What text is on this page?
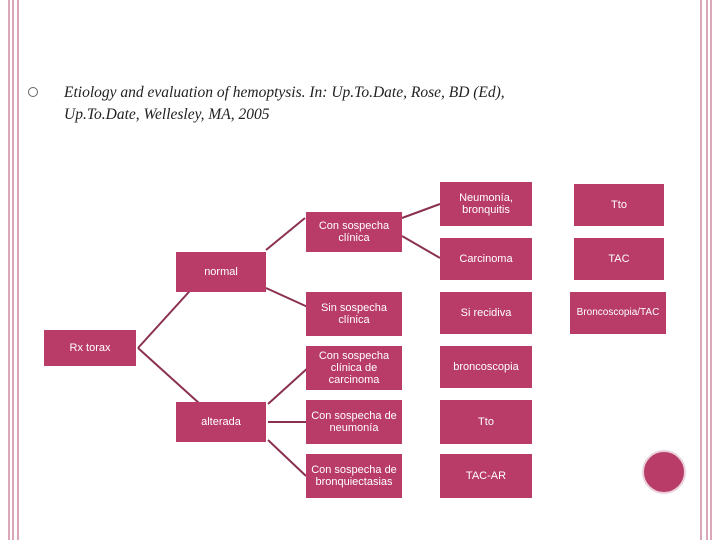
Etiology and evaluation of hemoptysis. In: Up.To.Date, Rose, BD (Ed),
Up.To.Date, Wellesley, MA, 2005
Rx torax
normal
alterada
Con sospecha clínica
Sin sospecha clínica
Con sospecha clínica de carcinoma
Con sospecha de neumonía
Con sospecha de bronquiectasias
Neumonía, bronquitis
Carcinoma
Si recidiva
broncoscopia
Tto
TAC-AR
Tto
TAC
Broncoscopia/TAC
